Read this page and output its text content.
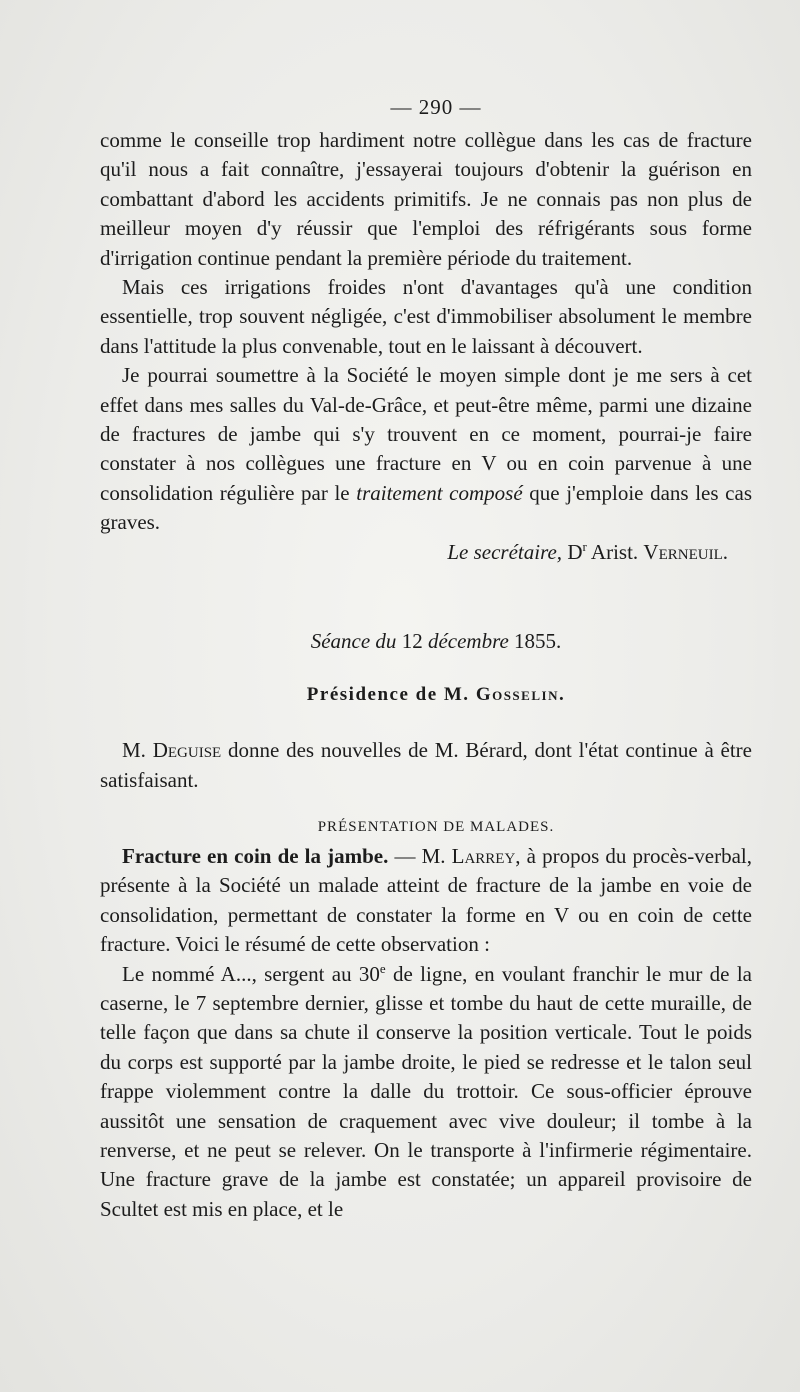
— 290 —

comme le conseille trop hardiment notre collègue dans les cas de fracture qu'il nous a fait connaître, j'essayerai toujours d'obtenir la guérison en combattant d'abord les accidents primitifs. Je ne connais pas non plus de meilleur moyen d'y réussir que l'emploi des réfrigérants sous forme d'irrigation continue pendant la première période du traitement.

Mais ces irrigations froides n'ont d'avantages qu'à une condition essentielle, trop souvent négligée, c'est d'immobiliser absolument le membre dans l'attitude la plus convenable, tout en le laissant à découvert.

Je pourrai soumettre à la Société le moyen simple dont je me sers à cet effet dans mes salles du Val-de-Grâce, et peut-être même, parmi une dizaine de fractures de jambe qui s'y trouvent en ce moment, pourrai-je faire constater à nos collègues une fracture en V ou en coin parvenue à une consolidation régulière par le traitement composé que j'emploie dans les cas graves.

Le secrétaire, $D^r$ Arist. Verneuil.
Séance du 12 décembre 1855.
Présidence de M. Gosselin.

M. Deguise donne des nouvelles de M. Bérard, dont l'état continue à être satisfaisant.

PRÉSENTATION DE MALADES.

Fracture en coin de la jambe. — M. Larrey, à propos du procès-verbal, présente à la Société un malade atteint de fracture de la jambe en voie de consolidation, permettant de constater la forme en V ou en coin de cette fracture. Voici le résumé de cette observation :

Le nommé A..., sergent au 30e de ligne, en voulant franchir le mur de la caserne, le 7 septembre dernier, glisse et tombe du haut de cette muraille, de telle façon que dans sa chute il conserve la position verticale. Tout le poids du corps est supporté par la jambe droite, le pied se redresse et le talon seul frappe violemment contre la dalle du trottoir. Ce sous-officier éprouve aussitôt une sensation de craquement avec vive douleur; il tombe à la renverse, et ne peut se relever. On le transporte à l'infirmerie régimentaire. Une fracture grave de la jambe est constatée; un appareil provisoire de Scultet est mis en place, et le
